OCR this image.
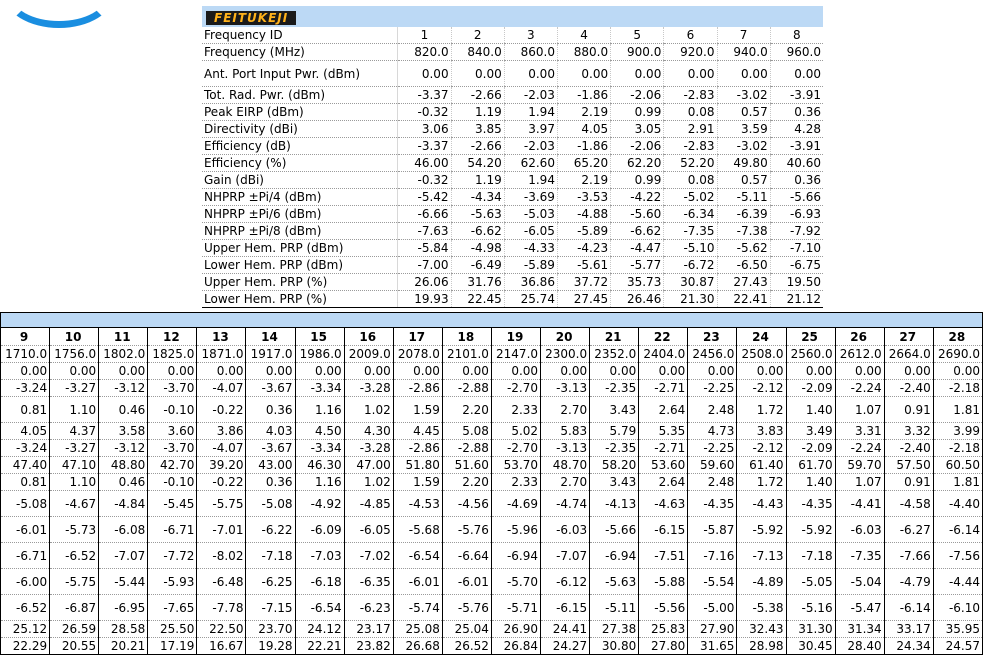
FEITUKEJI								
Frequency ID	1	2	3	4	5	6	7	8
Frequency (MHz)	820.0	840.0	860.0	880.0	900.0	920.0	940.0	960.0
Ant. Port Input Pwr. (dBm)	0.00	0.00	0.00	0.00	0.00	0.00	0.00	0.00
Tot. Rad. Pwr. (dBm)	-3.37	-2.66	-2.03	-1.86	-2.06	-2.83	-3.02	-3.91
Peak EIRP (dBm)	-0.32	1.19	1.94	2.19	0.99	0.08	0.57	0.36
Directivity (dBi)	3.06	3.85	3.97	4.05	3.05	2.91	3.59	4.28
Efficiency (dB)	-3.37	-2.66	-2.03	-1.86	-2.06	-2.83	-3.02	-3.91
Efficiency (%)	46.00	54.20	62.60	65.20	62.20	52.20	49.80	40.60
Gain (dBi)	-0.32	1.19	1.94	2.19	0.99	0.08	0.57	0.36
NHPRP ±Pi/4 (dBm)	-5.42	-4.34	-3.69	-3.53	-4.22	-5.02	-5.11	-5.66
NHPRP ±Pi/6 (dBm)	-6.66	-5.63	-5.03	-4.88	-5.60	-6.34	-6.39	-6.93
NHPRP ±Pi/8 (dBm)	-7.63	-6.62	-6.05	-5.89	-6.62	-7.35	-7.38	-7.92
Upper Hem. PRP (dBm)	-5.84	-4.98	-4.33	-4.23	-4.47	-5.10	-5.62	-7.10
Lower Hem. PRP (dBm)	-7.00	-6.49	-5.89	-5.61	-5.77	-6.72	-6.50	-6.75
Upper Hem. PRP (%)	26.06	31.76	36.86	37.72	35.73	30.87	27.43	19.50
Lower Hem. PRP (%)	19.93	22.45	25.74	27.45	26.46	21.30	22.41	21.12

9	10	11	12	13	14	15	16	17	18	19	20	21	22	23	24	25	26	27	28
1710.0	1756.0	1802.0	1825.0	1871.0	1917.0	1986.0	2009.0	2078.0	2101.0	2147.0	2300.0	2352.0	2404.0	2456.0	2508.0	2560.0	2612.0	2664.0	2690.0
0.00	0.00	0.00	0.00	0.00	0.00	0.00	0.00	0.00	0.00	0.00	0.00	0.00	0.00	0.00	0.00	0.00	0.00	0.00	0.00
-3.24	-3.27	-3.12	-3.70	-4.07	-3.67	-3.34	-3.28	-2.86	-2.88	-2.70	-3.13	-2.35	-2.71	-2.25	-2.12	-2.09	-2.24	-2.40	-2.18
0.81	1.10	0.46	-0.10	-0.22	0.36	1.16	1.02	1.59	2.20	2.33	2.70	3.43	2.64	2.48	1.72	1.40	1.07	0.91	1.81
4.05	4.37	3.58	3.60	3.86	4.03	4.50	4.30	4.45	5.08	5.02	5.83	5.79	5.35	4.73	3.83	3.49	3.31	3.32	3.99
-3.24	-3.27	-3.12	-3.70	-4.07	-3.67	-3.34	-3.28	-2.86	-2.88	-2.70	-3.13	-2.35	-2.71	-2.25	-2.12	-2.09	-2.24	-2.40	-2.18
47.40	47.10	48.80	42.70	39.20	43.00	46.30	47.00	51.80	51.60	53.70	48.70	58.20	53.60	59.60	61.40	61.70	59.70	57.50	60.50
0.81	1.10	0.46	-0.10	-0.22	0.36	1.16	1.02	1.59	2.20	2.33	2.70	3.43	2.64	2.48	1.72	1.40	1.07	0.91	1.81
-5.08	-4.67	-4.84	-5.45	-5.75	-5.08	-4.92	-4.85	-4.53	-4.56	-4.69	-4.74	-4.13	-4.63	-4.35	-4.43	-4.35	-4.41	-4.58	-4.40
-6.01	-5.73	-6.08	-6.71	-7.01	-6.22	-6.09	-6.05	-5.68	-5.76	-5.96	-6.03	-5.66	-6.15	-5.87	-5.92	-5.92	-6.03	-6.27	-6.14
-6.71	-6.52	-7.07	-7.72	-8.02	-7.18	-7.03	-7.02	-6.54	-6.64	-6.94	-7.07	-6.94	-7.51	-7.16	-7.13	-7.18	-7.35	-7.66	-7.56
-6.00	-5.75	-5.44	-5.93	-6.48	-6.25	-6.18	-6.35	-6.01	-6.01	-5.70	-6.12	-5.63	-5.88	-5.54	-4.89	-5.05	-5.04	-4.79	-4.44
-6.52	-6.87	-6.95	-7.65	-7.78	-7.15	-6.54	-6.23	-5.74	-5.76	-5.71	-6.15	-5.11	-5.56	-5.00	-5.38	-5.16	-5.47	-6.14	-6.10
25.12	26.59	28.58	25.50	22.50	23.70	24.12	23.17	25.08	25.04	26.90	24.41	27.38	25.83	27.90	32.43	31.30	31.34	33.17	35.95
22.29	20.55	20.21	17.19	16.67	19.28	22.21	23.82	26.68	26.52	26.84	24.27	30.80	27.80	31.65	28.98	30.45	28.40	24.34	24.57
